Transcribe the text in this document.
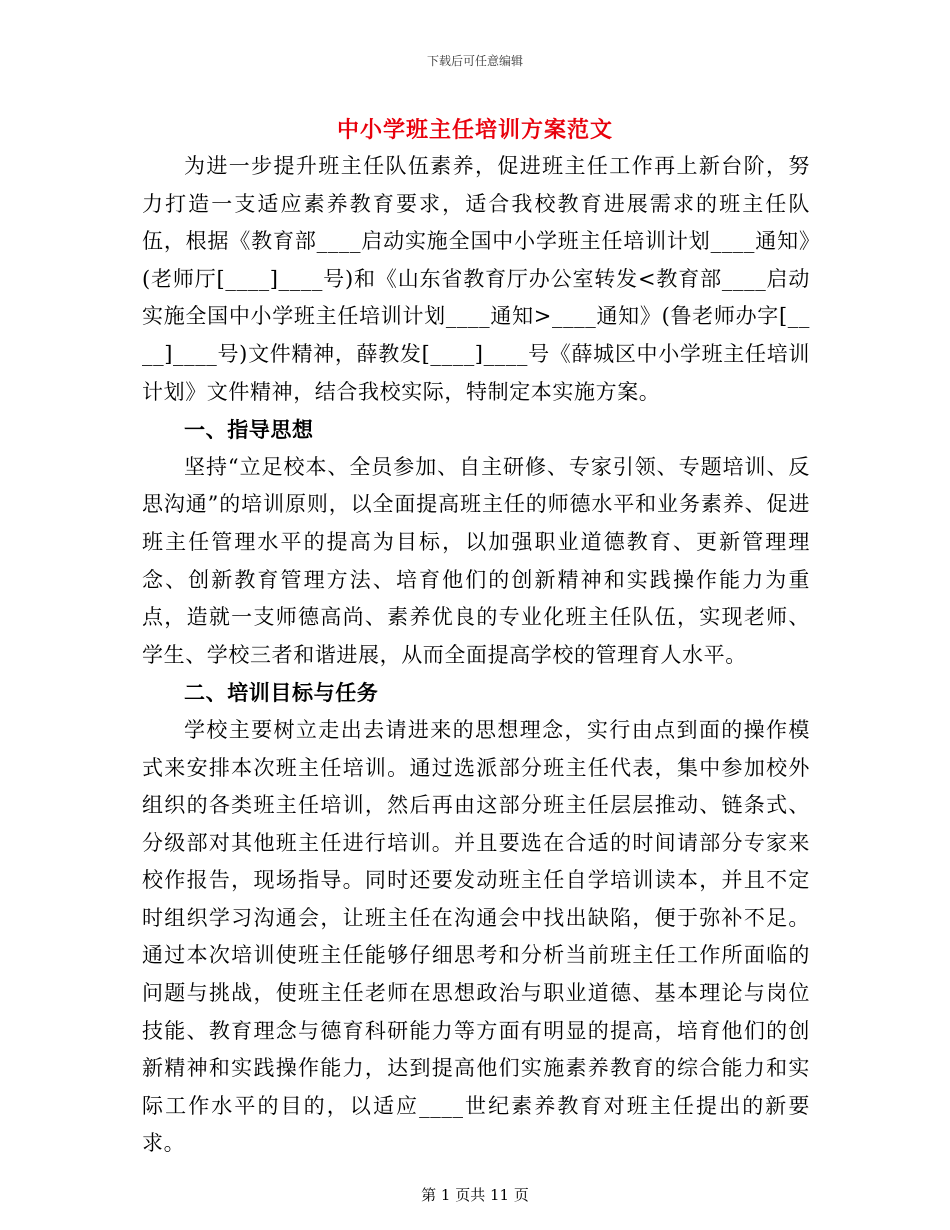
下载后可任意编辑
中小学班主任培训方案范文

为进一步提升班主任队伍素养，促进班主任工作再上新台阶，努力打造一支适应素养教育要求，适合我校教育进展需求的班主任队伍，根据《教育部____启动实施全国中小学班主任培训计划____通知》(老师厅[____]____号)和《山东省教育厅办公室转发<教育部____启动实施全国中小学班主任培训计划____通知>____通知》(鲁老师办字[____]____号)文件精神，薛教发[____]____号《薛城区中小学班主任培训计划》文件精神，结合我校实际，特制定本实施方案。

一、指导思想

坚持“立足校本、全员参加、自主研修、专家引领、专题培训、反思沟通”的培训原则，以全面提高班主任的师德水平和业务素养、促进班主任管理水平的提高为目标，以加强职业道德教育、更新管理理念、创新教育管理方法、培育他们的创新精神和实践操作能力为重点，造就一支师德高尚、素养优良的专业化班主任队伍，实现老师、学生、学校三者和谐进展，从而全面提高学校的管理育人水平。

二、培训目标与任务

学校主要树立走出去请进来的思想理念，实行由点到面的操作模式来安排本次班主任培训。通过选派部分班主任代表，集中参加校外组织的各类班主任培训，然后再由这部分班主任层层推动、链条式、分级部对其他班主任进行培训。并且要选在合适的时间请部分专家来校作报告，现场指导。同时还要发动班主任自学培训读本，并且不定时组织学习沟通会，让班主任在沟通会中找出缺陷，便于弥补不足。通过本次培训使班主任能够仔细思考和分析当前班主任工作所面临的问题与挑战，使班主任老师在思想政治与职业道德、基本理论与岗位技能、教育理念与德育科研能力等方面有明显的提高，培育他们的创新精神和实践操作能力，达到提高他们实施素养教育的综合能力和实际工作水平的目的，以适应____世纪素养教育对班主任提出的新要求。

第 1 页共 11 页
